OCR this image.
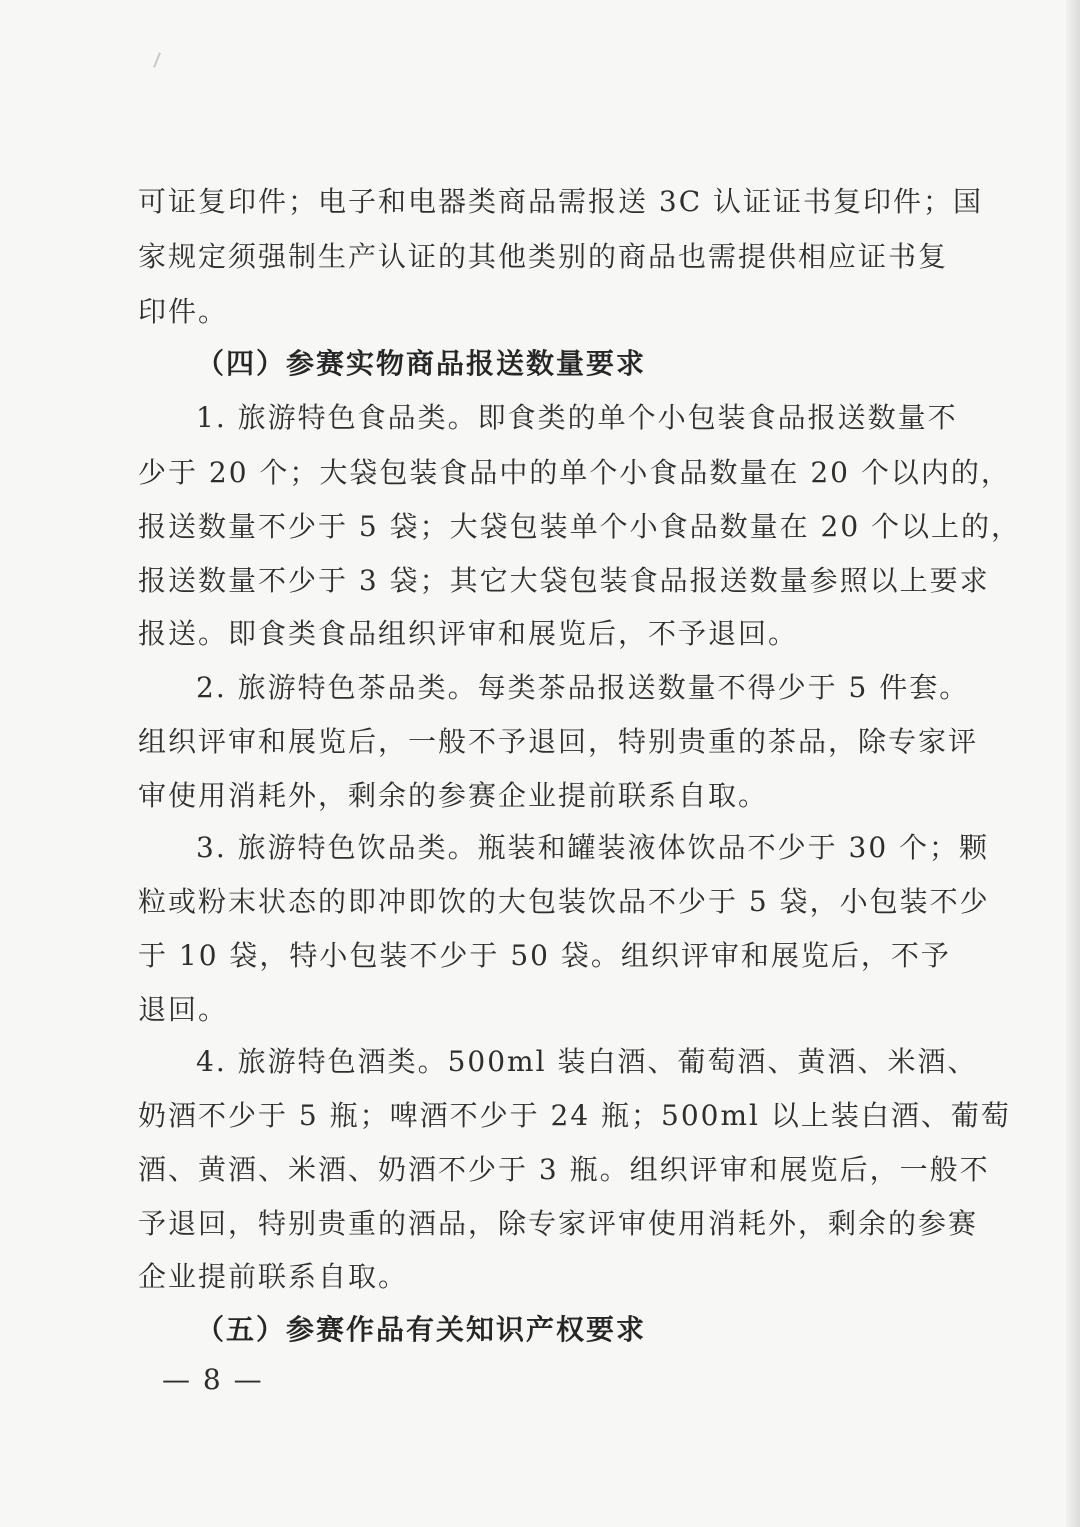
可证复印件；电子和电器类商品需报送 3C 认证证书复印件；国
家规定须强制生产认证的其他类别的商品也需提供相应证书复
印件。
（四）参赛实物商品报送数量要求
1. 旅游特色食品类。即食类的单个小包装食品报送数量不
少于 20 个；大袋包装食品中的单个小食品数量在 20 个以内的，
报送数量不少于 5 袋；大袋包装单个小食品数量在 20 个以上的，
报送数量不少于 3 袋；其它大袋包装食品报送数量参照以上要求
报送。即食类食品组织评审和展览后，不予退回。
2. 旅游特色茶品类。每类茶品报送数量不得少于 5 件套。
组织评审和展览后，一般不予退回，特别贵重的茶品，除专家评
审使用消耗外，剩余的参赛企业提前联系自取。
3. 旅游特色饮品类。瓶装和罐装液体饮品不少于 30 个；颗
粒或粉末状态的即冲即饮的大包装饮品不少于 5 袋，小包装不少
于 10 袋，特小包装不少于 50 袋。组织评审和展览后，不予
退回。
4. 旅游特色酒类。500ml 装白酒、葡萄酒、黄酒、米酒、
奶酒不少于 5 瓶；啤酒不少于 24 瓶；500ml 以上装白酒、葡萄
酒、黄酒、米酒、奶酒不少于 3 瓶。组织评审和展览后，一般不
予退回，特别贵重的酒品，除专家评审使用消耗外，剩余的参赛
企业提前联系自取。
（五）参赛作品有关知识产权要求
— 8 —
